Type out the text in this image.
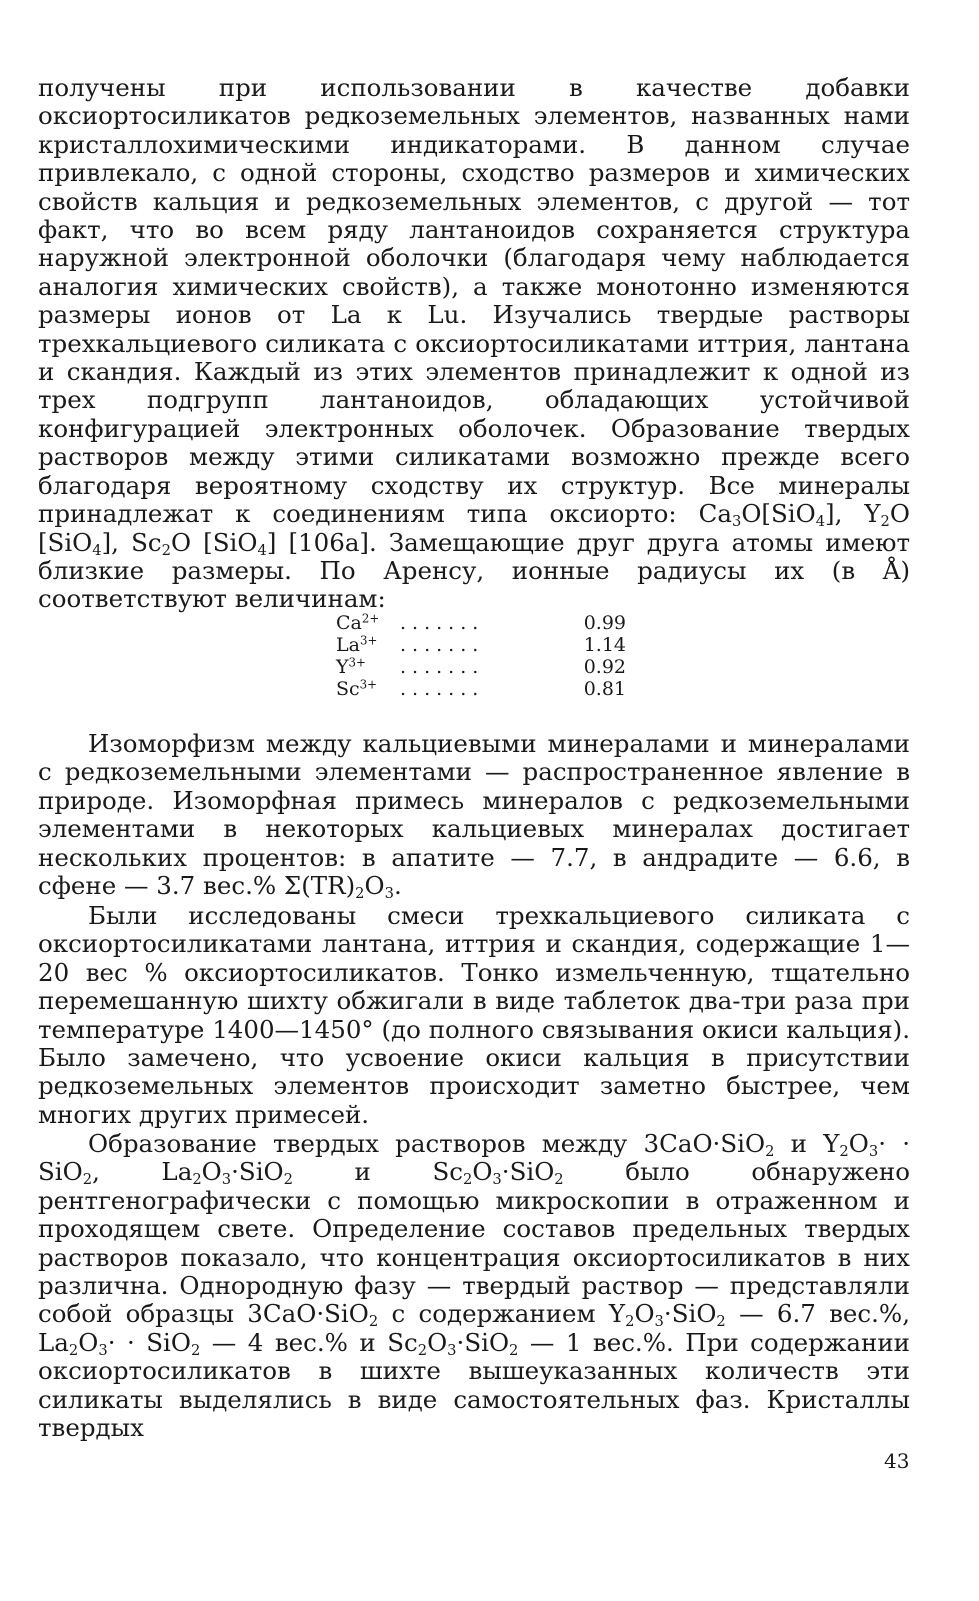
получены при использовании в качестве добавки оксиортосиликатов редкоземельных элементов, названных нами кристаллохимическими индикаторами. В данном случае привлекало, с одной стороны, сходство размеров и химических свойств кальция и редкоземельных элементов, с другой — тот факт, что во всем ряду лантаноидов сохраняется структура наружной электронной оболочки (благодаря чему наблюдается аналогия химических свойств), а также монотонно изменяются размеры ионов от La к Lu. Изучались твердые растворы трехкальциевого силиката с оксиортосиликатами иттрия, лантана и скандия. Каждый из этих элементов принадлежит к одной из трех подгрупп лантаноидов, обладающих устойчивой конфигурацией электронных оболочек. Образование твердых растворов между этими силикатами возможно прежде всего благодаря вероятному сходству их структур. Все минералы принадлежат к соединениям типа оксиорто: $Ca_3O[SiO_4]$, $Y_2O$ [SiO$_4$], $Sc_2O$ [SiO$_4$] [106a]. Замещающие друг друга атомы имеют близкие размеры. По Аренсу, ионные радиусы их (в Å) соответствуют величинам:

$Ca^{2+}$	.......	0.99
$La^{3+}$	.......	1.14
$Y^{3+}$	.......	0.92
$Sc^{3+}$	.......	0.81

Изоморфизм между кальциевыми минералами и минералами с редкоземельными элементами — распространенное явление в природе. Изоморфная примесь минералов с редкоземельными элементами в некоторых кальциевых минералах достигает нескольких процентов: в апатите — 7.7, в андрадите — 6.6, в сфене — 3.7 вес.% $\Sigma(TR)_2O_3$.

Были исследованы смеси трехкальциевого силиката с оксиортосиликатами лантана, иттрия и скандия, содержащие 1—20 вес % оксиортосиликатов. Тонко измельченную, тщательно перемешанную шихту обжигали в виде таблеток два-три раза при температуре 1400—1450° (до полного связывания окиси кальция). Было замечено, что усвоение окиси кальция в присутствии редкоземельных элементов происходит заметно быстрее, чем многих других примесей.

Образование твердых растворов между 3CaO·SiO$_2$ и $Y_2O_3\cdot \cdot SiO_2$, $La_2O_3\cdot SiO_2$ и $Sc_2O_3\cdot SiO_2$ было обнаружено рентгенографически с помощью микроскопии в отраженном и проходящем свете. Определение составов предельных твердых растворов показало, что концентрация оксиортосиликатов в них различна. Однородную фазу — твердый раствор — представляли собой образцы 3CaO·SiO$_2$ с содержанием $Y_2O_3\cdot SiO_2$ — 6.7 вес.%, $La_2O_3\cdot \cdot SiO_2$ — 4 вес.% и $Sc_2O_3\cdot SiO_2$ — 1 вес.%. При содержании оксиортосиликатов в шихте вышеуказанных количеств эти силикаты выделялись в виде самостоятельных фаз. Кристаллы твердых

43
